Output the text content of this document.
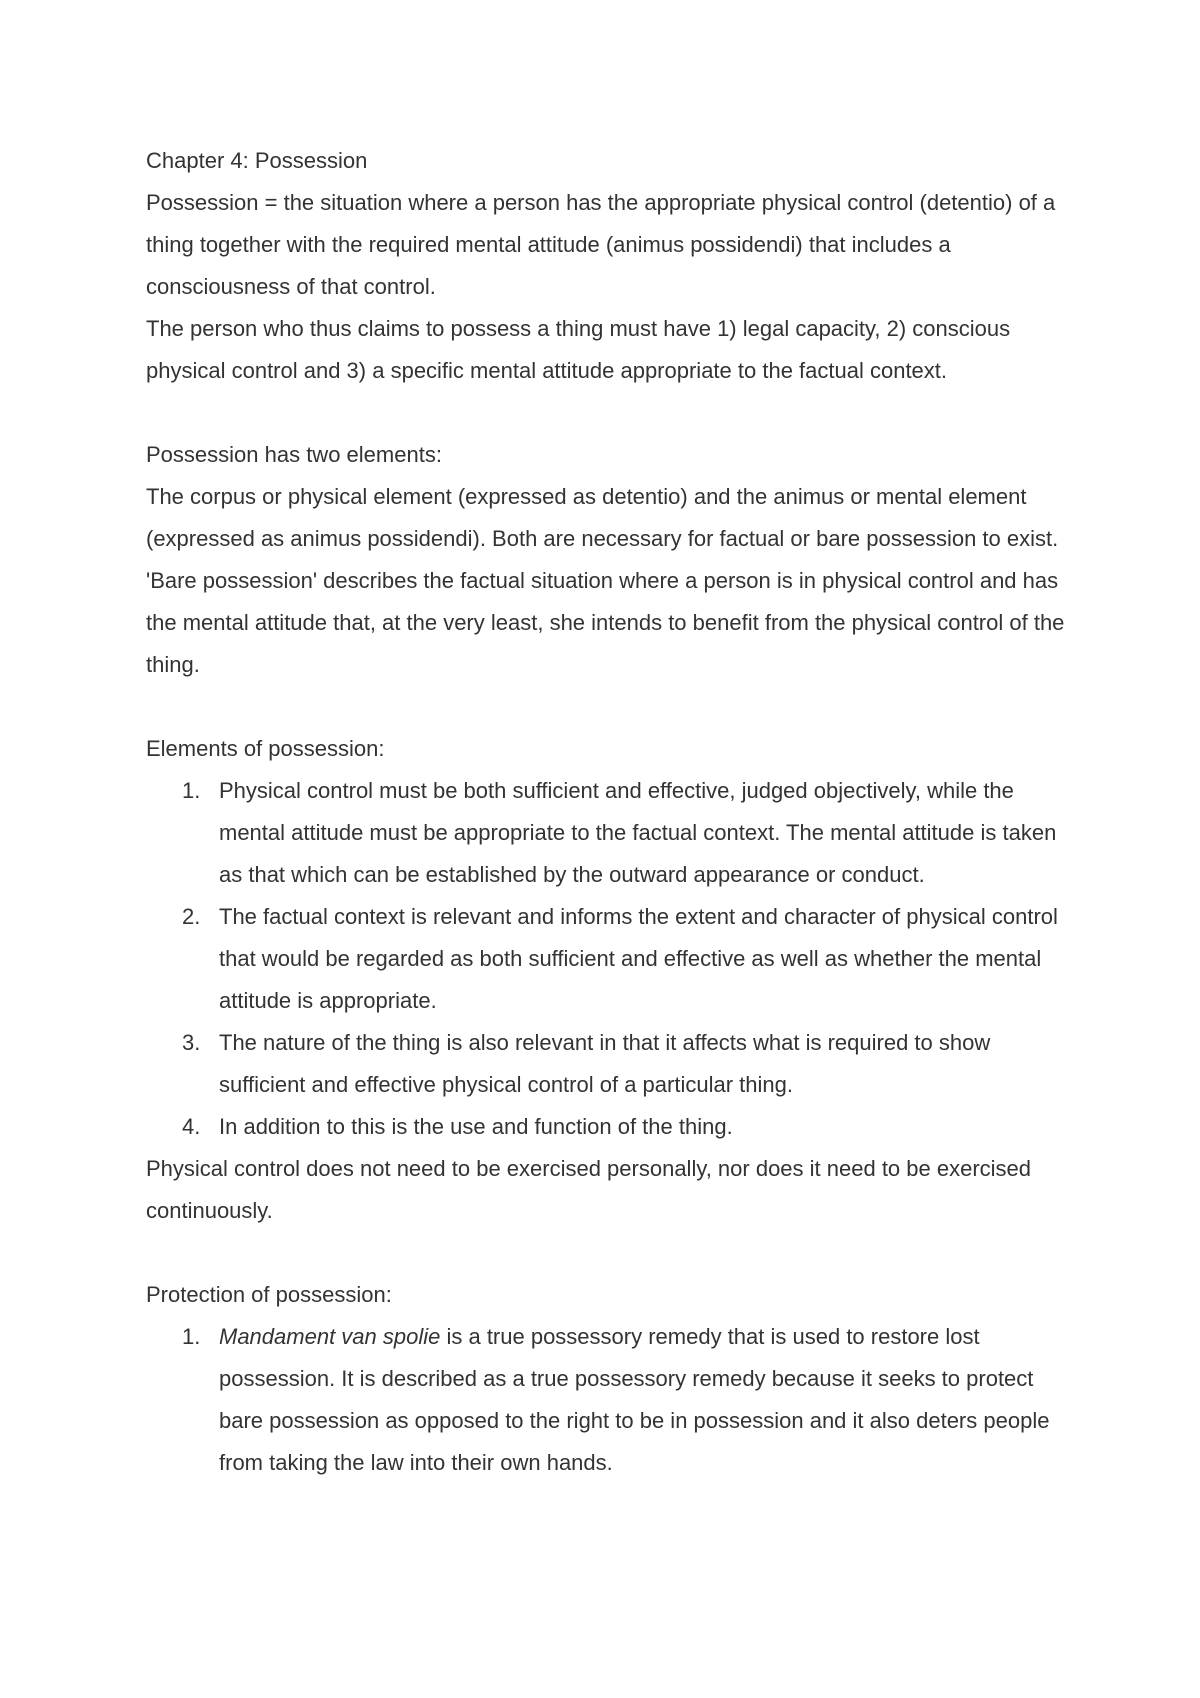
Chapter 4: Possession

Possession = the situation where a person has the appropriate physical control (detentio) of a thing together with the required mental attitude (animus possidendi) that includes a consciousness of that control.

The person who thus claims to possess a thing must have 1) legal capacity, 2) conscious physical control and 3) a specific mental attitude appropriate to the factual context.

Possession has two elements:

The corpus or physical element (expressed as detentio) and the animus or mental element (expressed as animus possidendi). Both are necessary for factual or bare possession to exist. 'Bare possession' describes the factual situation where a person is in physical control and has the mental attitude that, at the very least, she intends to benefit from the physical control of the thing.

Elements of possession:

1. Physical control must be both sufficient and effective, judged objectively, while the mental attitude must be appropriate to the factual context. The mental attitude is taken as that which can be established by the outward appearance or conduct.
2. The factual context is relevant and informs the extent and character of physical control that would be regarded as both sufficient and effective as well as whether the mental attitude is appropriate.
3. The nature of the thing is also relevant in that it affects what is required to show sufficient and effective physical control of a particular thing.
4. In addition to this is the use and function of the thing.

Physical control does not need to be exercised personally, nor does it need to be exercised continuously.

Protection of possession:

1. Mandament van spolie is a true possessory remedy that is used to restore lost possession. It is described as a true possessory remedy because it seeks to protect bare possession as opposed to the right to be in possession and it also deters people from taking the law into their own hands.
